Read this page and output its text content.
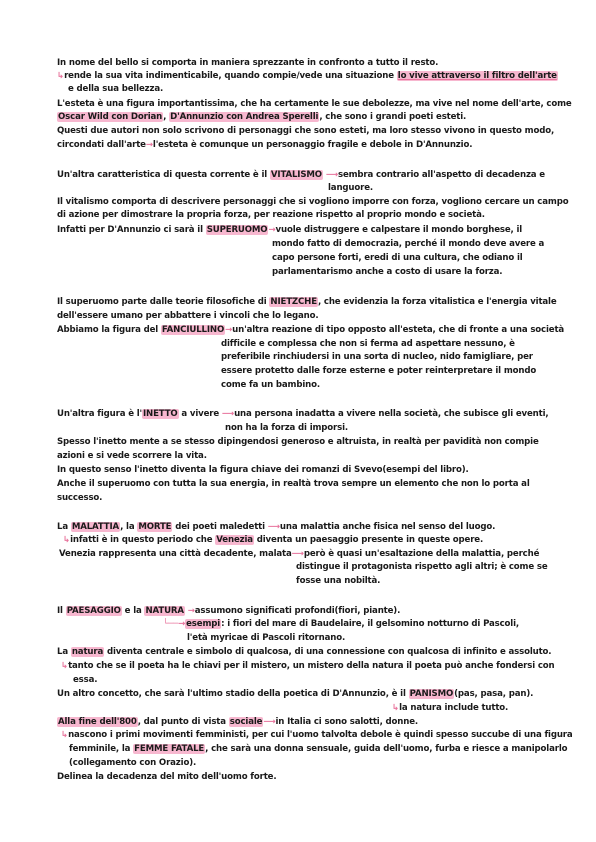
In nome del bello si comporta in maniera sprezzante in confronto a tutto il resto.
↳rende la sua vita indimenticabile, quando compie/vede una situazione lo vive attraverso il filtro dell'arte
e della sua bellezza.
L'esteta è una figura importantissima, che ha certamente le sue debolezze, ma vive nel nome dell'arte, come
Oscar Wild con Dorian, D'Annunzio con Andrea Sperelli, che sono i grandi poeti esteti.
Questi due autori non solo scrivono di personaggi che sono esteti, ma loro stesso vivono in questo modo,
circondati dall'arte→l'esteta è comunque un personaggio fragile e debole in D'Annunzio.
Un'altra caratteristica di questa corrente è il VITALISMO ⟶sembra contrario all'aspetto di decadenza e
languore.
Il vitalismo comporta di descrivere personaggi che si vogliono imporre con forza, vogliono cercare un campo
di azione per dimostrare la propria forza, per reazione rispetto al proprio mondo e società.
Infatti per D'Annunzio ci sarà il SUPERUOMO→vuole distruggere e calpestare il mondo borghese, il
mondo fatto di democrazia, perché il mondo deve avere a
capo persone forti, eredi di una cultura, che odiano il
parlamentarismo anche a costo di usare la forza.
Il superuomo parte dalle teorie filosofiche di NIETZCHE, che evidenzia la forza vitalistica e l'energia vitale
dell'essere umano per abbattere i vincoli che lo legano.
Abbiamo la figura del FANCIULLINO→un'altra reazione di tipo opposto all'esteta, che di fronte a una società
difficile e complessa che non si ferma ad aspettare nessuno, è
preferibile rinchiudersi in una sorta di nucleo, nido famigliare, per
essere protetto dalle forze esterne e poter reinterpretare il mondo
come fa un bambino.
Un'altra figura è l'INETTO a vivere ⟶una persona inadatta a vivere nella società, che subisce gli eventi,
non ha la forza di imporsi.
Spesso l'inetto mente a se stesso dipingendosi generoso e altruista, in realtà per pavidità non compie
azioni e si vede scorrere la vita.
In questo senso l'inetto diventa la figura chiave dei romanzi di Svevo(esempi del libro).
Anche il superuomo con tutta la sua energia, in realtà trova sempre un elemento che non lo porta al
successo.
La MALATTIA, la MORTE dei poeti maledetti ⟶una malattia anche fisica nel senso del luogo.
↳infatti è in questo periodo che Venezia diventa un paesaggio presente in queste opere.
Venezia rappresenta una città decadente, malata⟶però è quasi un'esaltazione della malattia, perché
distingue il protagonista rispetto agli altri; è come se
fosse una nobiltà.
Il PAESAGGIO e la NATURA →assumono significati profondi(fiori, piante).
└──→esempi: i fiori del mare di Baudelaire, il gelsomino notturno di Pascoli,
l'età myricae di Pascoli ritornano.
La natura diventa centrale e simbolo di qualcosa, di una connessione con qualcosa di infinito e assoluto.
↳tanto che se il poeta ha le chiavi per il mistero, un mistero della natura il poeta può anche fondersi con
essa.
Un altro concetto, che sarà l'ultimo stadio della poetica di D'Annunzio, è il PANISMO(pas, pasa, pan).
↳la natura include tutto.
Alla fine dell'800, dal punto di vista sociale⟶in Italia ci sono salotti, donne.
↳nascono i primi movimenti femministi, per cui l'uomo talvolta debole è quindi spesso succube di una figura
femminile, la FEMME FATALE, che sarà una donna sensuale, guida dell'uomo, furba e riesce a manipolarlo
(collegamento con Orazio).
Delinea la decadenza del mito dell'uomo forte.
